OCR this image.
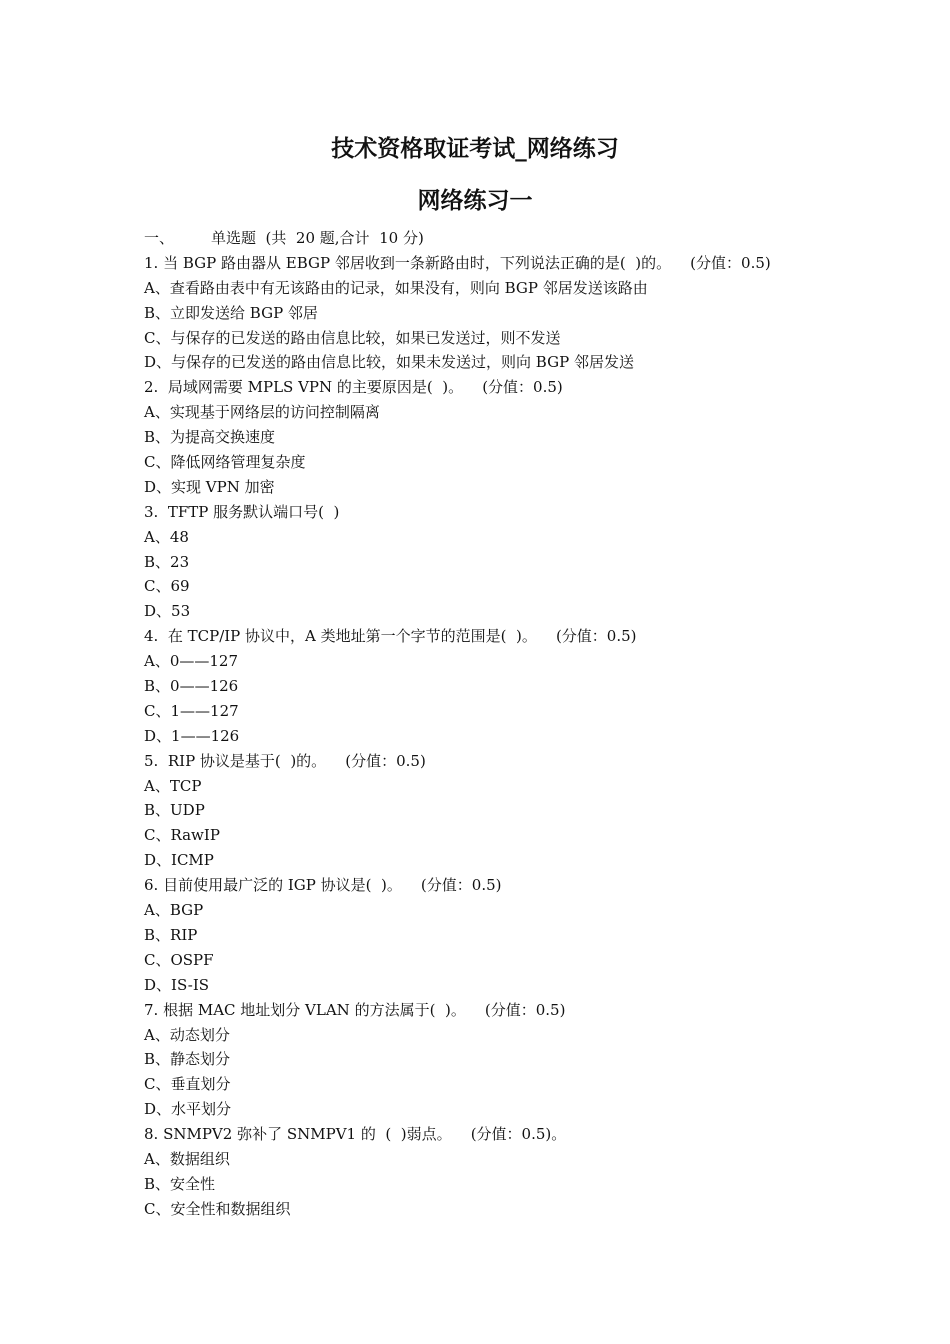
技术资格取证考试_网络练习
网络练习一
一、 单选题  (共  20 题,合计  10 分)
1. 当 BGP 路由器从 EBGP 邻居收到一条新路由时，下列说法正确的是(  )的。    (分值：0.5)
A、查看路由表中有无该路由的记录，如果没有，则向 BGP 邻居发送该路由
B、立即发送给 BGP 邻居
C、与保存的已发送的路由信息比较，如果已发送过，则不发送
D、与保存的已发送的路由信息比较，如果未发送过，则向 BGP 邻居发送
2.  局域网需要 MPLS VPN 的主要原因是(  )。    (分值：0.5)
A、实现基于网络层的访问控制隔离
B、为提高交换速度
C、降低网络管理复杂度
D、实现 VPN 加密
3.  TFTP 服务默认端口号(  )
A、48
B、23
C、69
D、53
4.  在 TCP/IP 协议中，A 类地址第一个字节的范围是(  )。    (分值：0.5)
A、0——127
B、0——126
C、1——127
D、1——126
5.  RIP 协议是基于(  )的。    (分值：0.5)
A、TCP
B、UDP
C、RawIP
D、ICMP
6. 目前使用最广泛的 IGP 协议是(  )。    (分值：0.5)
A、BGP
B、RIP
C、OSPF
D、IS-IS
7. 根据 MAC 地址划分 VLAN 的方法属于(  )。    (分值：0.5)
A、动态划分
B、静态划分
C、垂直划分
D、水平划分
8. SNMPV2 弥补了 SNMPV1 的  (  )弱点。    (分值：0.5)。
A、数据组织
B、安全性
C、安全性和数据组织
